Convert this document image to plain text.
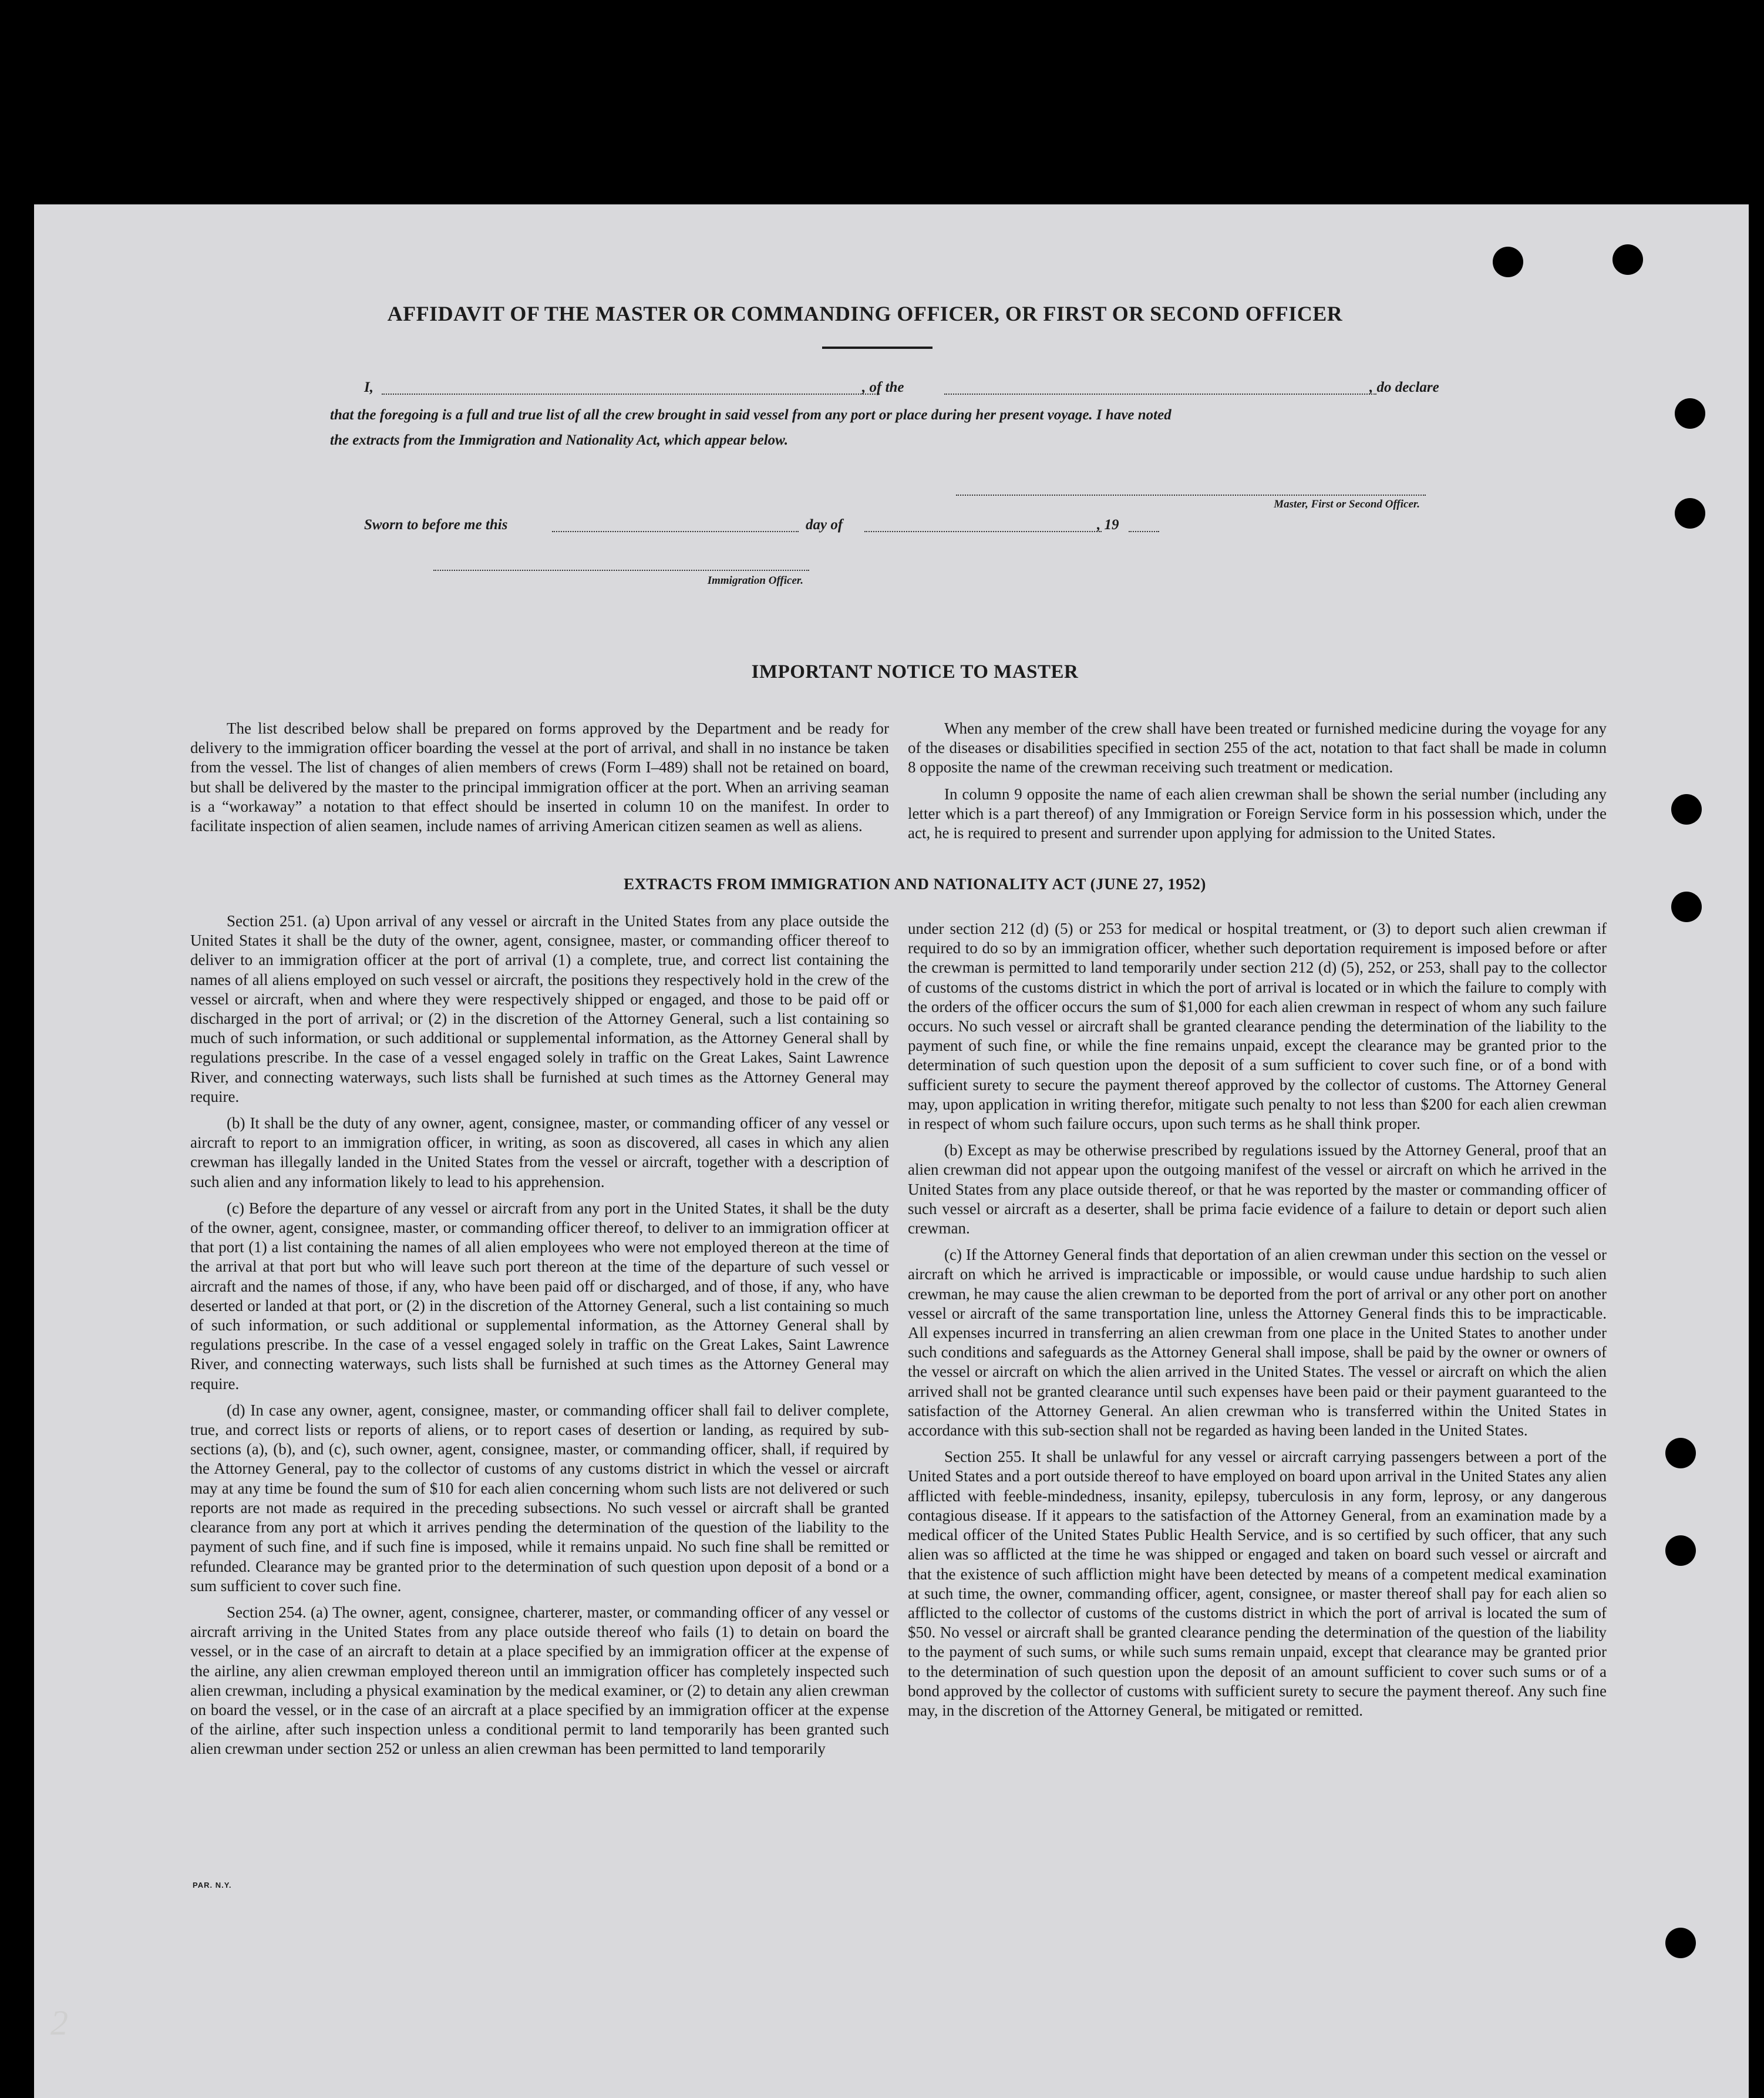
AFFIDAVIT OF THE MASTER OR COMMANDING OFFICER, OR FIRST OR SECOND OFFICER
I,	, of the	, do declare
that the foregoing is a full and true list of all the crew brought in said vessel from any port or place during her present voyage. I have noted
the extracts from the Immigration and Nationality Act, which appear below.
Master, First or Second Officer.
Sworn to before me this	day of	, 19
Immigration Officer.
IMPORTANT NOTICE TO MASTER

The list described below shall be prepared on forms approved by the Department and be ready for delivery to the immigration officer boarding the vessel at the port of arrival, and shall in no instance be taken from the vessel. The list of changes of alien members of crews (Form I–489) shall not be retained on board, but shall be delivered by the master to the principal immigration officer at the port. When an arriving seaman is a “workaway” a notation to that effect should be inserted in column 10 on the manifest. In order to facilitate inspection of alien seamen, include names of arriving American citizen seamen as well as aliens.

When any member of the crew shall have been treated or furnished medicine during the voyage for any of the diseases or disabilities specified in section 255 of the act, notation to that fact shall be made in column 8 opposite the name of the crewman receiving such treatment or medication.

In column 9 opposite the name of each alien crewman shall be shown the serial number (including any letter which is a part thereof) of any Immigration or Foreign Service form in his possession which, under the act, he is required to present and surrender upon applying for admission to the United States.

EXTRACTS FROM IMMIGRATION AND NATIONALITY ACT (JUNE 27, 1952)

Section 251. (a) Upon arrival of any vessel or aircraft in the United States from any place outside the United States it shall be the duty of the owner, agent, consignee, master, or commanding officer thereof to deliver to an immigration officer at the port of arrival (1) a complete, true, and correct list containing the names of all aliens employed on such vessel or aircraft, the positions they respectively hold in the crew of the vessel or aircraft, when and where they were respectively shipped or engaged, and those to be paid off or discharged in the port of arrival; or (2) in the discretion of the Attorney General, such a list containing so much of such information, or such additional or supplemental information, as the Attorney General shall by regulations prescribe. In the case of a vessel engaged solely in traffic on the Great Lakes, Saint Lawrence River, and connecting waterways, such lists shall be furnished at such times as the Attorney General may require.

(b) It shall be the duty of any owner, agent, consignee, master, or commanding officer of any vessel or aircraft to report to an immigration officer, in writing, as soon as discovered, all cases in which any alien crewman has illegally landed in the United States from the vessel or aircraft, together with a description of such alien and any information likely to lead to his apprehension.

(c) Before the departure of any vessel or aircraft from any port in the United States, it shall be the duty of the owner, agent, consignee, master, or commanding officer thereof, to deliver to an immigration officer at that port (1) a list containing the names of all alien employees who were not employed thereon at the time of the arrival at that port but who will leave such port thereon at the time of the departure of such vessel or aircraft and the names of those, if any, who have been paid off or discharged, and of those, if any, who have deserted or landed at that port, or (2) in the discretion of the Attorney General, such a list containing so much of such information, or such additional or supplemental information, as the Attorney General shall by regulations prescribe. In the case of a vessel engaged solely in traffic on the Great Lakes, Saint Lawrence River, and connecting waterways, such lists shall be furnished at such times as the Attorney General may require.

(d) In case any owner, agent, consignee, master, or commanding officer shall fail to deliver complete, true, and correct lists or reports of aliens, or to report cases of desertion or landing, as required by sub-sections (a), (b), and (c), such owner, agent, consignee, master, or commanding officer, shall, if required by the Attorney General, pay to the collector of customs of any customs district in which the vessel or aircraft may at any time be found the sum of $10 for each alien concerning whom such lists are not delivered or such reports are not made as required in the preceding subsections. No such vessel or aircraft shall be granted clearance from any port at which it arrives pending the determination of the question of the liability to the payment of such fine, and if such fine is imposed, while it remains unpaid. No such fine shall be remitted or refunded. Clearance may be granted prior to the determination of such question upon deposit of a bond or a sum sufficient to cover such fine.

Section 254. (a) The owner, agent, consignee, charterer, master, or commanding officer of any vessel or aircraft arriving in the United States from any place outside thereof who fails (1) to detain on board the vessel, or in the case of an aircraft to detain at a place specified by an immigration officer at the expense of the airline, any alien crewman employed thereon until an immigration officer has completely inspected such alien crewman, including a physical examination by the medical examiner, or (2) to detain any alien crewman on board the vessel, or in the case of an aircraft at a place specified by an immigration officer at the expense of the airline, after such inspection unless a conditional permit to land temporarily has been granted such alien crewman under section 252 or unless an alien crewman has been permitted to land temporarily

under section 212 (d) (5) or 253 for medical or hospital treatment, or (3) to deport such alien crewman if required to do so by an immigration officer, whether such deportation requirement is imposed before or after the crewman is permitted to land temporarily under section 212 (d) (5), 252, or 253, shall pay to the collector of customs of the customs district in which the port of arrival is located or in which the failure to comply with the orders of the officer occurs the sum of $1,000 for each alien crewman in respect of whom any such failure occurs. No such vessel or aircraft shall be granted clearance pending the determination of the liability to the payment of such fine, or while the fine remains unpaid, except the clearance may be granted prior to the determination of such question upon the deposit of a sum sufficient to cover such fine, or of a bond with sufficient surety to secure the payment thereof approved by the collector of customs. The Attorney General may, upon application in writing therefor, mitigate such penalty to not less than $200 for each alien crewman in respect of whom such failure occurs, upon such terms as he shall think proper.

(b) Except as may be otherwise prescribed by regulations issued by the Attorney General, proof that an alien crewman did not appear upon the outgoing manifest of the vessel or aircraft on which he arrived in the United States from any place outside thereof, or that he was reported by the master or commanding officer of such vessel or aircraft as a deserter, shall be prima facie evidence of a failure to detain or deport such alien crewman.

(c) If the Attorney General finds that deportation of an alien crewman under this section on the vessel or aircraft on which he arrived is impracticable or impossible, or would cause undue hardship to such alien crewman, he may cause the alien crewman to be deported from the port of arrival or any other port on another vessel or aircraft of the same transportation line, unless the Attorney General finds this to be impracticable. All expenses incurred in transferring an alien crewman from one place in the United States to another under such conditions and safeguards as the Attorney General shall impose, shall be paid by the owner or owners of the vessel or aircraft on which the alien arrived in the United States. The vessel or aircraft on which the alien arrived shall not be granted clearance until such expenses have been paid or their payment guaranteed to the satisfaction of the Attorney General. An alien crewman who is transferred within the United States in accordance with this sub-section shall not be regarded as having been landed in the United States.

Section 255. It shall be unlawful for any vessel or aircraft carrying passengers between a port of the United States and a port outside thereof to have employed on board upon arrival in the United States any alien afflicted with feeble-mindedness, insanity, epilepsy, tuberculosis in any form, leprosy, or any dangerous contagious disease. If it appears to the satisfaction of the Attorney General, from an examination made by a medical officer of the United States Public Health Service, and is so certified by such officer, that any such alien was so afflicted at the time he was shipped or engaged and taken on board such vessel or aircraft and that the existence of such affliction might have been detected by means of a competent medical examination at such time, the owner, commanding officer, agent, consignee, or master thereof shall pay for each alien so afflicted to the collector of customs of the customs district in which the port of arrival is located the sum of $50. No vessel or aircraft shall be granted clearance pending the determination of the question of the liability to the payment of such sums, or while such sums remain unpaid, except that clearance may be granted prior to the determination of such question upon the deposit of an amount sufficient to cover such sums or of a bond approved by the collector of customs with sufficient surety to secure the payment thereof. Any such fine may, in the discretion of the Attorney General, be mitigated or remitted.

PAR. N.Y.
2
